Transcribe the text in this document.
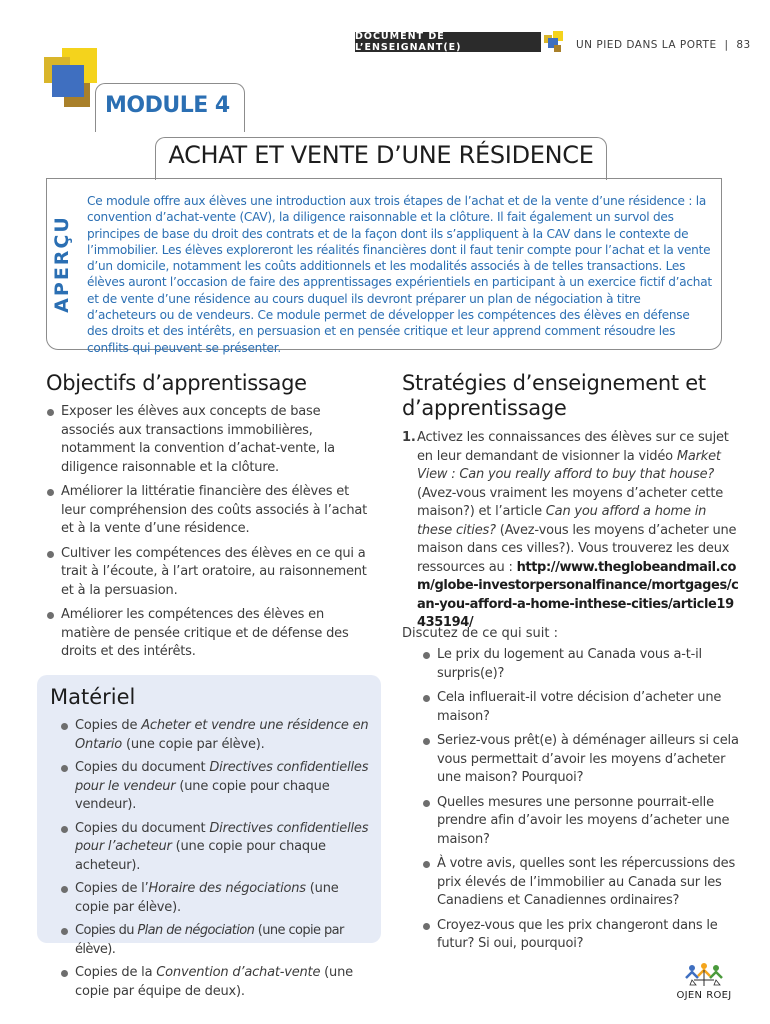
DOCUMENT DE L’ENSEIGNANT(E)	UN PIED DANS LA PORTE | 83
MODULE 4
ACHAT ET VENTE D’UNE RÉSIDENCE
APERÇU
Ce module offre aux élèves une introduction aux trois étapes de l’achat et de la vente d’une résidence : la convention d’achat-vente (CAV), la diligence raisonnable et la clôture. Il fait également un survol des principes de base du droit des contrats et de la façon dont ils s’appliquent à la CAV dans le contexte de l’immobilier. Les élèves exploreront les réalités financières dont il faut tenir compte pour l’achat et la vente d’un domicile, notamment les coûts additionnels et les modalités associés à de telles transactions. Les élèves auront l’occasion de faire des apprentissages expérientiels en participant à un exercice fictif d’achat et de vente d’une résidence au cours duquel ils devront préparer un plan de négociation à titre d’acheteurs ou de vendeurs. Ce module permet de développer les compétences des élèves en défense des droits et des intérêts, en persuasion et en pensée critique et leur apprend comment résoudre les conflits qui peuvent se présenter.
Objectifs d’apprentissage
Exposer les élèves aux concepts de base associés aux transactions immobilières, notamment la convention d’achat-vente, la diligence raisonnable et la clôture.
Améliorer la littératie financière des élèves et leur compréhension des coûts associés à l’achat et à la vente d’une résidence.
Cultiver les compétences des élèves en ce qui a trait à l’écoute, à l’art oratoire, au raisonnement et à la persuasion.
Améliorer les compétences des élèves en matière de pensée critique et de défense des droits et des intérêts.
Matériel
Copies de Acheter et vendre une résidence en Ontario (une copie par élève).
Copies du document Directives confidentielles pour le vendeur (une copie pour chaque vendeur).
Copies du document Directives confidentielles pour l’acheteur (une copie pour chaque acheteur).
Copies de l’Horaire des négociations (une copie par élève).
Copies du Plan de négociation (une copie par élève).
Copies de la Convention d’achat-vente (une copie par équipe de deux).
Stratégies d’enseignement et d’apprentissage
1. Activez les connaissances des élèves sur ce sujet en leur demandant de visionner la vidéo Market View : Can you really afford to buy that house? (Avez-vous vraiment les moyens d’acheter cette maison?) et l’article Can you afford a home in these cities? (Avez-vous les moyens d’acheter une maison dans ces villes?). Vous trouverez les deux ressources au : http://www.theglobeandmail.com/globe-investorpersonalfinance/mortgages/can-you-afford-a-home-inthese-cities/article19435194/
Discutez de ce qui suit :
Le prix du logement au Canada vous a-t-il surpris(e)?
Cela influerait-il votre décision d’acheter une maison?
Seriez-vous prêt(e) à déménager ailleurs si cela vous permettait d’avoir les moyens d’acheter une maison? Pourquoi?
Quelles mesures une personne pourrait-elle prendre afin d’avoir les moyens d’acheter une maison?
À votre avis, quelles sont les répercussions des prix élevés de l’immobilier au Canada sur les Canadiens et Canadiennes ordinaires?
Croyez-vous que les prix changeront dans le futur? Si oui, pourquoi?
OJEN ROEJ
